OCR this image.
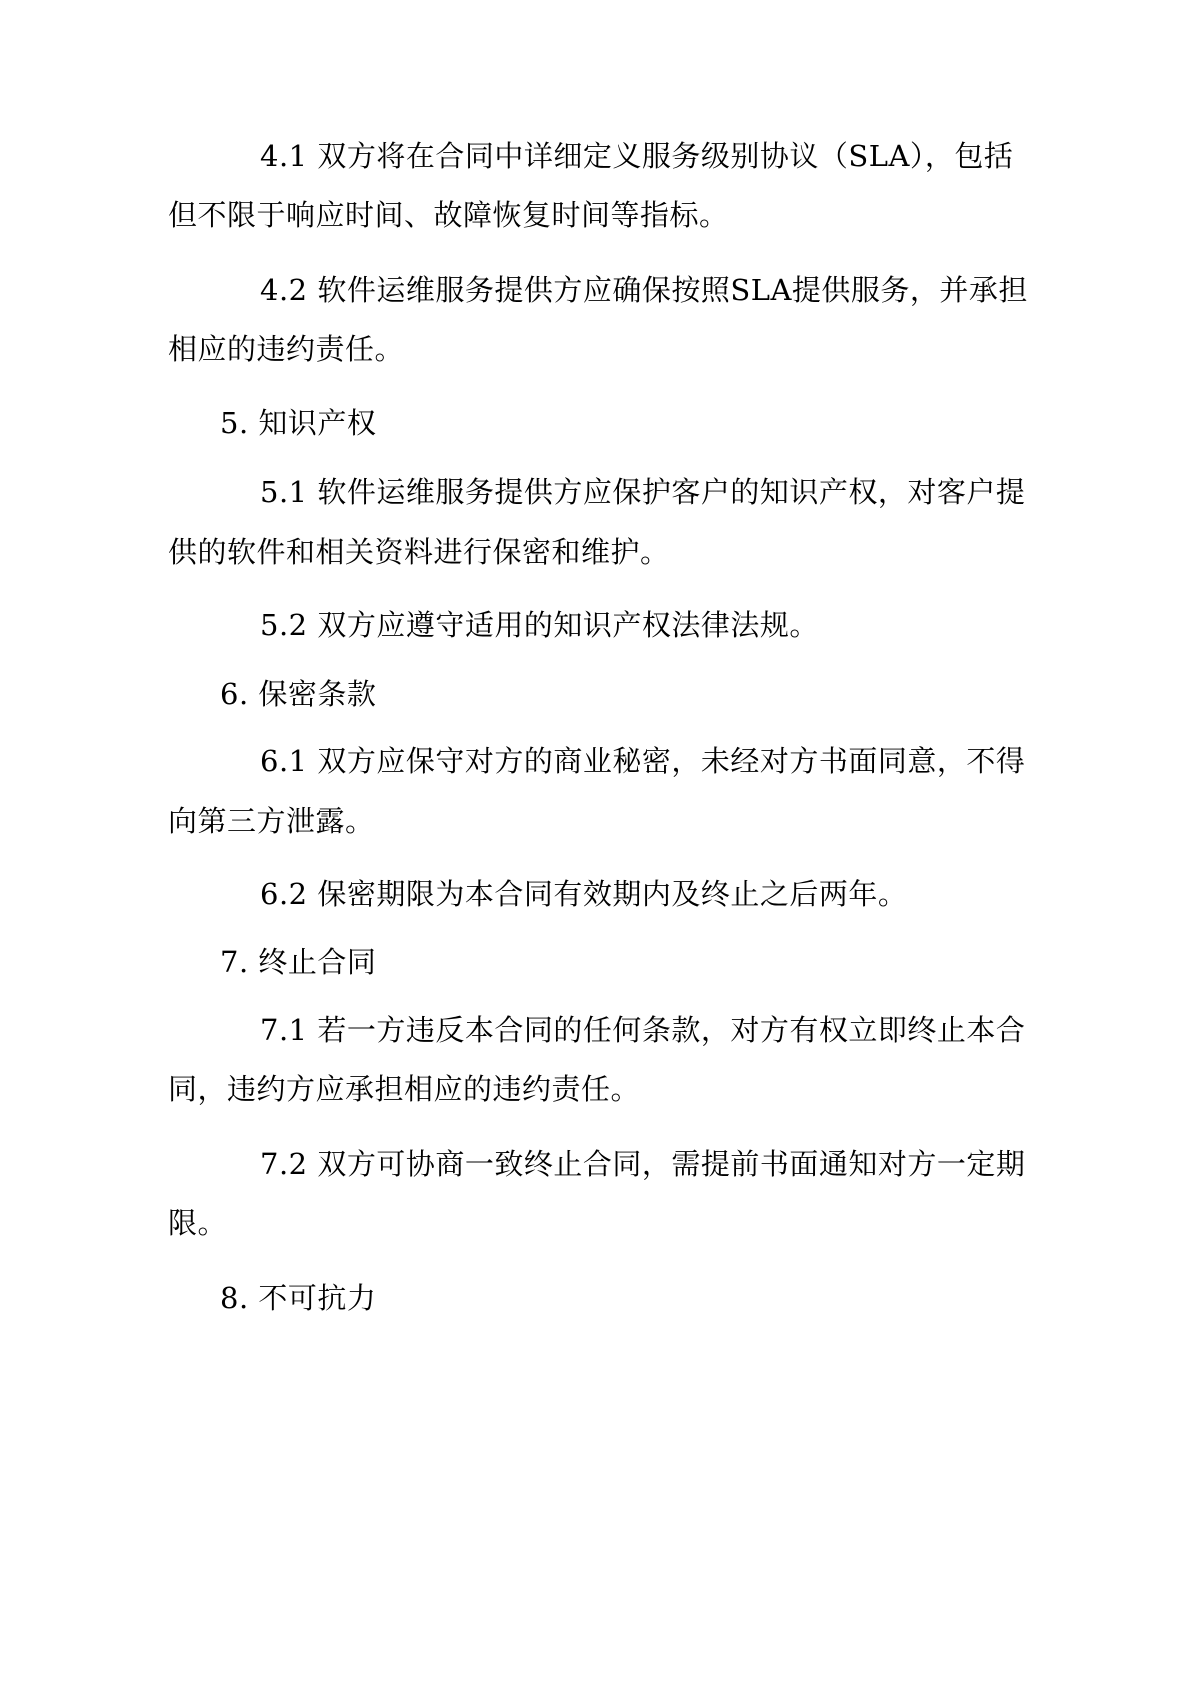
4.1 双方将在合同中详细定义服务级别协议（SLA），包括

但不限于响应时间、故障恢复时间等指标。

4.2 软件运维服务提供方应确保按照SLA提供服务，并承担

相应的违约责任。

5. 知识产权

5.1 软件运维服务提供方应保护客户的知识产权，对客户提

供的软件和相关资料进行保密和维护。

5.2 双方应遵守适用的知识产权法律法规。

6. 保密条款

6.1 双方应保守对方的商业秘密，未经对方书面同意，不得

向第三方泄露。

6.2 保密期限为本合同有效期内及终止之后两年。

7. 终止合同

7.1 若一方违反本合同的任何条款，对方有权立即终止本合

同，违约方应承担相应的违约责任。

7.2 双方可协商一致终止合同，需提前书面通知对方一定期

限。

8. 不可抗力
